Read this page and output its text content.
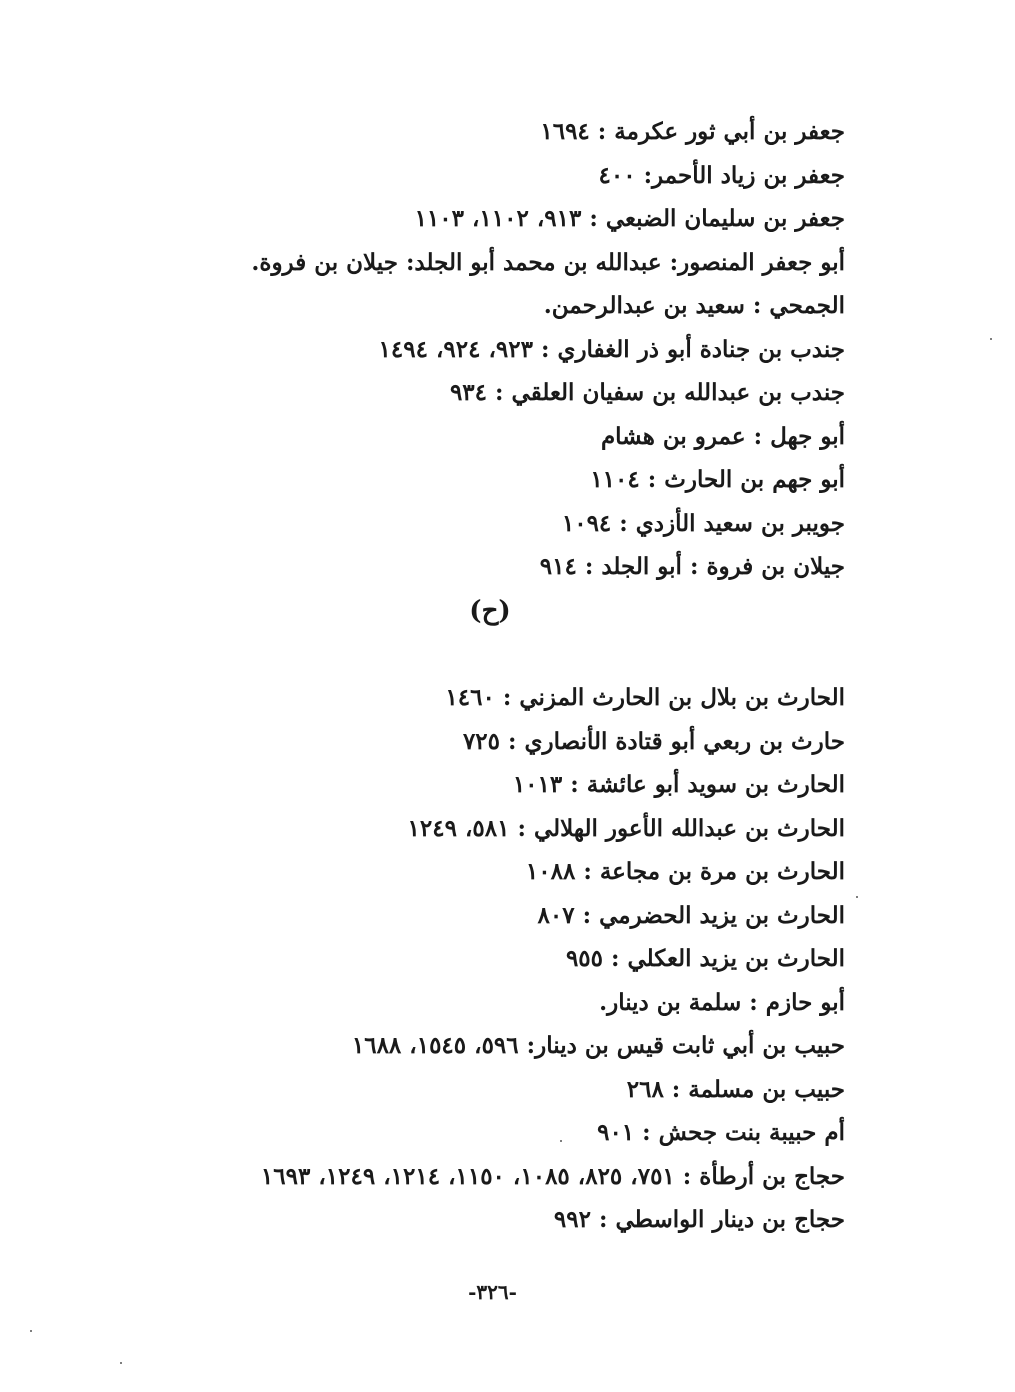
جعفر بن أبي ثور عكرمة : ١٦٩٤
جعفر بن زياد الأحمر: ٤٠٠
جعفر بن سليمان الضبعي : ٩١٣، ١١٠٢، ١١٠٣
أبو جعفر المنصور: عبدالله بن محمد أبو الجلد: جيلان بن فروة.
الجمحي : سعيد بن عبدالرحمن.
جندب بن جنادة أبو ذر الغفاري : ٩٢٣، ٩٢٤، ١٤٩٤
جندب بن عبدالله بن سفيان العلقي : ٩٣٤
أبو جهل : عمرو بن هشام
أبو جهم بن الحارث : ١١٠٤
جويبر بن سعيد الأزدي : ١٠٩٤
جيلان بن فروة : أبو الجلد : ٩١٤
(ح)
الحارث بن بلال بن الحارث المزني : ١٤٦٠
حارث بن ربعي أبو قتادة الأنصاري : ٧٢٥
الحارث بن سويد أبو عائشة : ١٠١٣
الحارث بن عبدالله الأعور الهلالي : ٥٨١، ١٢٤٩
الحارث بن مرة بن مجاعة : ١٠٨٨
الحارث بن يزيد الحضرمي : ٨٠٧
الحارث بن يزيد العكلي : ٩٥٥
أبو حازم : سلمة بن دينار.
حبيب بن أبي ثابت قيس بن دينار: ٥٩٦، ١٥٤٥، ١٦٨٨
حبيب بن مسلمة : ٢٦٨
أم حبيبة بنت جحش : ٩٠١
حجاج بن أرطأة : ٧٥١، ٨٢٥، ١٠٨٥، ١١٥٠، ١٢١٤، ١٢٤٩، ١٦٩٣
حجاج بن دينار الواسطي : ٩٩٢
-٣٢٦-
